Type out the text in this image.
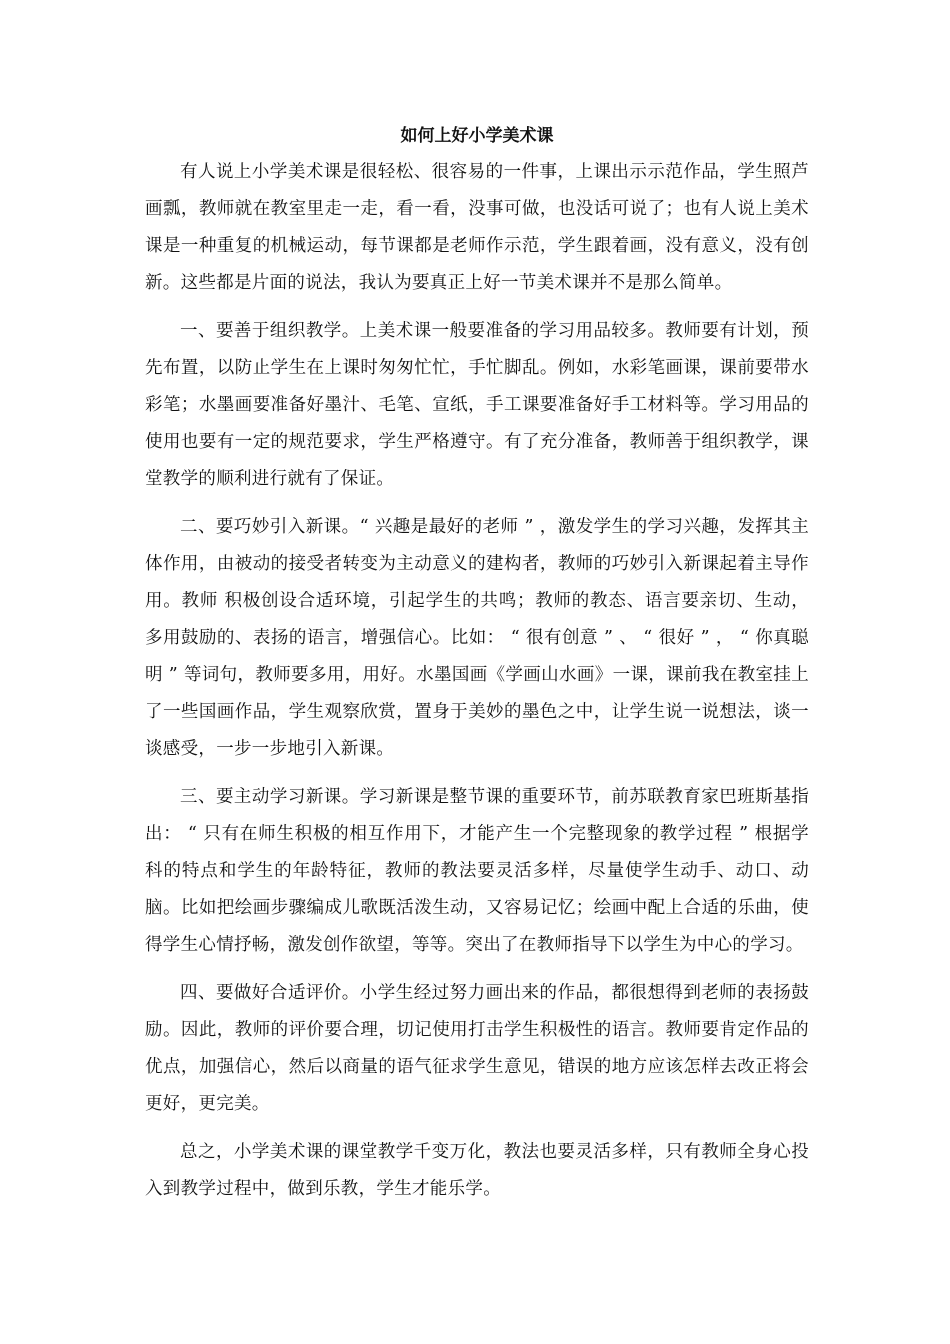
如何上好小学美术课

有人说上小学美术课是很轻松、很容易的一件事，上课出示示范作品，学生照芦画瓢，教师就在教室里走一走，看一看，没事可做，也没话可说了；也有人说上美术课是一种重复的机械运动，每节课都是老师作示范，学生跟着画，没有意义，没有创新。这些都是片面的说法，我认为要真正上好一节美术课并不是那么简单。

一、要善于组织教学。上美术课一般要准备的学习用品较多。教师要有计划，预先布置，以防止学生在上课时匆匆忙忙，手忙脚乱。例如，水彩笔画课，课前要带水彩笔；水墨画要准备好墨汁、毛笔、宣纸，手工课要准备好手工材料等。学习用品的使用也要有一定的规范要求，学生严格遵守。有了充分准备，教师善于组织教学，课堂教学的顺利进行就有了保证。

二、要巧妙引入新课。“ 兴趣是最好的老师 ” ，激发学生的学习兴趣，发挥其主体作用，由被动的接受者转变为主动意义的建构者，教师的巧妙引入新课起着主导作用。教师 积极创设合适环境，引起学生的共鸣；教师的教态、语言要亲切、生动，多用鼓励的、表扬的语言，增强信心。比如： “ 很有创意 ” 、 “ 很好 ” ， “ 你真聪明 ” 等词句，教师要多用，用好。水墨国画《学画山水画》一课，课前我在教室挂上了一些国画作品，学生观察欣赏，置身于美妙的墨色之中，让学生说一说想法，谈一谈感受，一步一步地引入新课。

三、要主动学习新课。学习新课是整节课的重要环节，前苏联教育家巴班斯基指出： “ 只有在师生积极的相互作用下，才能产生一个完整现象的教学过程 ” 根据学科的特点和学生的年龄特征，教师的教法要灵活多样，尽量使学生动手、动口、动脑。比如把绘画步骤编成儿歌既活泼生动，又容易记忆；绘画中配上合适的乐曲，使得学生心情抒畅，激发创作欲望，等等。突出了在教师指导下以学生为中心的学习。

四、要做好合适评价。小学生经过努力画出来的作品，都很想得到老师的表扬鼓励。因此，教师的评价要合理，切记使用打击学生积极性的语言。教师要肯定作品的优点，加强信心，然后以商量的语气征求学生意见，错误的地方应该怎样去改正将会更好，更完美。

总之，小学美术课的课堂教学千变万化，教法也要灵活多样，只有教师全身心投入到教学过程中，做到乐教，学生才能乐学。
